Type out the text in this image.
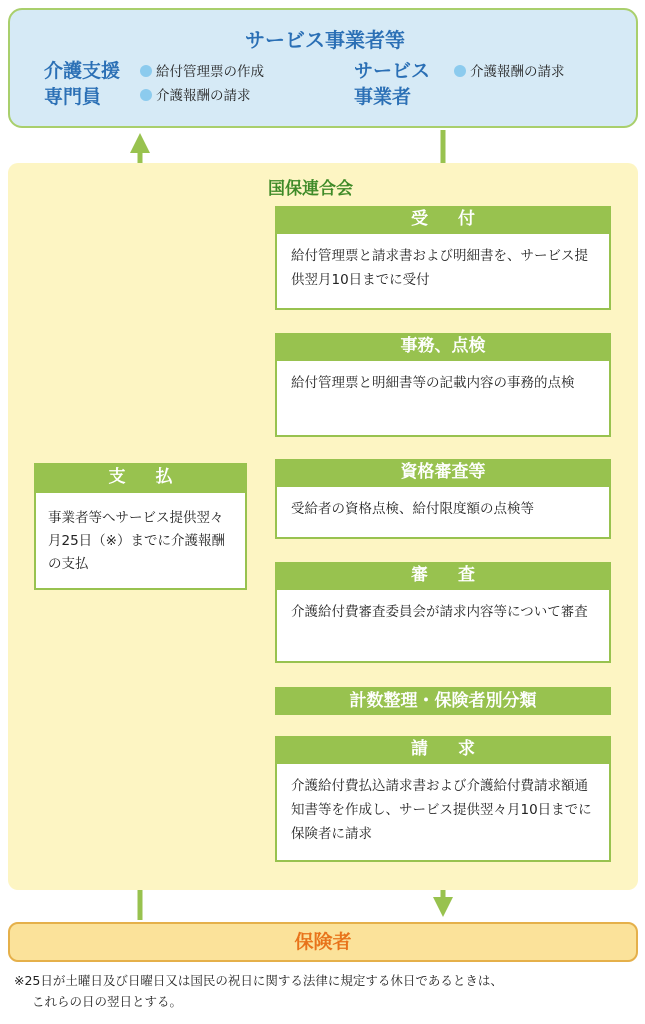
サービス事業者等
介護支援
専門員
給付管理票の作成
介護報酬の請求
サービス
事業者
介護報酬の請求
国保連合会
受付
給付管理票と請求書および明細書を、サービス提供翌月10日までに受付
事務、点検
給付管理票と明細書等の記載内容の事務的点検
資格審査等
受給者の資格点検、給付限度額の点検等
審査
介護給付費審査委員会が請求内容等について審査
計数整理・保険者別分類
請求
介護給付費払込請求書および介護給付費請求額通知書等を作成し、サービス提供翌々月10日までに保険者に請求
支払
事業者等へサービス提供翌々月25日（※）までに介護報酬の支払
保険者
※25日が土曜日及び日曜日又は国民の祝日に関する法律に規定する休日であるときは、
これらの日の翌日とする。
